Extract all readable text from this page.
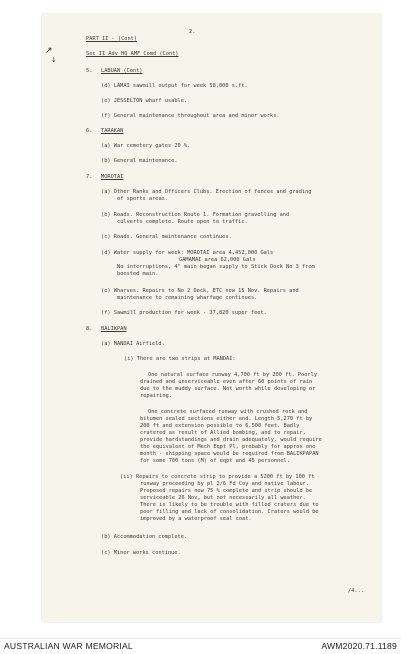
↗
↓
2.
PART II - (Cont)
Sec II Adv HQ AMF Comd (Cont)
5. LABUAN (Cont)
(d) LAMAI sawmill output for week 58,000 s.ft.
(e) JESSELTON wharf usable.
(f) General maintenance throughout area and minor works.
6. TARAKAN
(a) War cemetery gates 20 %.
(b) General maintenance.
7. MOROTAI
(a) Other Ranks and Officers Clubs. Erection of fences and grading
of sports areas.
(b) Roads. Reconstruction Route 1. Formation gravelling and
culverts complete. Route open to traffic.
(c) Roads. General maintenance continues.
(d) Water supply for week: MOROTAI area 4,452,000 Gals
GAMAMAI area 62,000 Gals
No interruptions, 4" main began supply to Stick Dock No 3 from
boosted main.
(e) Wharves. Repairs to No 2 Dock, ETC now 15 Nov. Repairs and
maintenance to remaining wharfage continues.
(f) Sawmill production for week - 37,820 super feet.
8. BALIKPAN
(a) MANDAI Airfield.
(i) There are two strips at MANDAI:
One natural surface runway 4,700 ft by 200 ft. Poorly
drained and unserviceable even after 60 points of rain
due to the muddy surface. Not worth while developing or
repairing.
One concrete surfaced runway with crushed rock and
bitumen sealed sections either end. Length 5,270 ft by
200 ft and extension possible to 6,500 feet. Badly
cratered as result of Allied bombing, and to repair,
provide hardstandings and drain adequately, would require
the equivalent of Mech Eqpt Pl, probably for approx one
month - shipping space would be required from BALIKPAPAN
for some 700 tons (M) of eqpt and 45 personnel.
(ii) Repairs to concrete strip to provide a 5200 ft by 100 ft
runway proceeding by pl 2/6 Fd Coy and native labour.
Proposed repairs now 75 % complete and strip should be
serviceable 26 Nov, but not necessarily all weather.
There is likely to be trouble with filled craters due to
poor filling and lack of consolidation. Craters would be
improved by a waterproof seal coat.
(b) Accommodation complete.
(c) Minor works continue.
/4...
AUSTRALIAN WAR MEMORIAL	AWM2020.71.1189
